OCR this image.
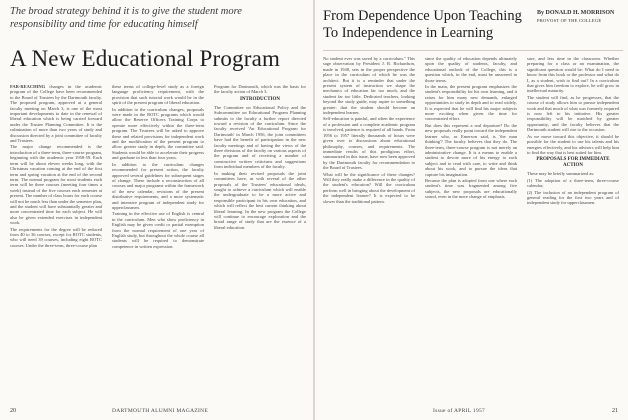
The broad strategy behind it is to give the student more responsibility and time for educating himself
A New Educational Program

FAR-REACHING changes in the academic program of the College have been recommended to the Board of Trustees by the Dartmouth faculty. The proposed program, approved at a general faculty meeting on March 3, is one of the most important developments to date in the renewal of liberal education which is being carried forward under the Trustee Planning Committee. It is the culmination of more than two years of study and discussion directed by a joint committee of faculty and Trustees.

The major change recommended is the introduction of a three-term, three-course program, beginning with the academic year 1958-59. Each term will be about eleven weeks long, with the Christmas vacation coming at the end of the first term and spring vacation at the end of the second term. The normal program for most students each term will be three courses (meeting four times a week) instead of the five courses each semester at present. The number of class hours for each course will not be much less than under the semester plan, and the student will have substantially greater and more concentrated time for each subject. He will also be given extended exercises in independent work.

The requirements for the degree will be reduced from 40 to 36 courses, except for ROTC students, who will need 39 courses, including eight ROTC courses. Under the three-term, three-course plan

these terms of college-level study as a foreign language proficiency requirement, with the provision that such tutorial work would be in the spirit of the present program of liberal education.

In addition to the curriculum changes, proposals were made in the ROTC programs which would allow the Reserve Officers Training Corps to operate more effectively within the three-term program. The Trustees will be asked to approve these and related provisions for independent work and the modification of the present program to allow greater study in depth, the committee said. Students would be able to accelerate their progress and graduate in less than four years.

In addition to the curriculum changes recommended for present action, the faculty approved several guidelines for subsequent stages of change. These include a reconstruction of all courses and major programs within the framework of the new calendar, revisions of the present distributive requirements, and a more systematic and intensive program of independent study for upperclassmen.

Training in the effective use of English is central in the curriculum. Men who show proficiency in English may be given credit or partial exemption from the normal requirement of one year of English study, but throughout the whole course all students will be required to demonstrate competence in written expression.

Program for Dartmouth, which was the basis for the faculty action of March 3.

INTRODUCTION

The Committee on Educational Policy and the Subcommittee on Educational Program Planning submits to the faculty a further report directed toward a revision of the curriculum. Since the faculty received 'An Educational Program for Dartmouth' in March 1956, the joint committees have had the benefit of participation in the new faculty meetings and of having the views of the three divisions of the faculty on various aspects of the program and of receiving a number of constructive written criticisms and suggestions from individual members of the faculty.

In making their revised proposals the joint committees have, as with several of the other proposals of the Trustees' educational ideals, sought to achieve a curriculum which will enable the undergraduate to be a more active and responsible participant in his own education, and which will reflect the best current thinking about liberal learning. In the new program the College will continue to encourage exploration and the broad range of study that are the essence of a liberal education.

DARTMOUTH ALUMNI MAGAZINE
20
From Dependence Upon Teaching To Independence in Learning
By DONALD H. MORRISON
PROVOST OF THE COLLEGE

No student ever was saved by a curriculum." This sage observation by President J. R. Richardson, made in 1948, sets in the proper perspective the place in the curriculum of which he was the architect. But it is a reminder that under the present system of instruction we shape the mechanics of education far too much, and the student far too little. Dedicated teachers, looking beyond the study guide, may aspire to something greater: that the student should become an independent learner.

Self-education is painful, and when the experience of a profession and a complete academic program is involved, patience is required of all hands. From 1956 to 1957 literally thousands of hours were given over to discussions about educational philosophy, courses, and requirements. The immediate results of this prodigious effort, summarized in this issue, have now been approved by the Dartmouth faculty for recommendation to the Board of Trustees.

What will be the significance of these changes? Will they really make a difference in the quality of the student's education? Will the curriculum perform well in bringing about the development of the independent learner? It is expected to be slower than the traditional pattern.

since the quality of education depends ultimately upon the quality of students, faculty, and educational outlook of the College, this is a question which, in the end, must be answered in those terms.

In the main, the present program emphasizes the student's responsibility for his own learning, and it raises for him many new demands, enlarged opportunities to study in depth and to read widely. It is expected that he will find his major subjects more exciting when given the time for concentrated effort.

But does this represent a real departure? Do the new proposals really point toward the independent learner who, as Emerson said, is 'the man thinking'? The faculty believes that they do. The three-term, three-course program is not merely an administrative change. It is a means to enable a student to devote more of his energy to each subject and to read with care, to write and think about his work, and to pursue the ideas that capture his imagination.

Because the plan is adopted from one where each student's time was fragmented among five subjects, the new proposals are educationally sound, even in the mere change of emphasis.

sure, and less time in the classroom. Whether preparing for a class or an examination, the significant question would be: What do I need to know from this book or the professor and what do I, as a student, wish to find out? In a curriculum that gives him freedom to explore, he will grow in intellectual maturity.

The student will find, as he progresses, that the course of study allows him to pursue independent work and that much of what was formerly required is now left to his initiative. His greater responsibility will be matched by greater opportunity, and the faculty believes that the Dartmouth student will rise to the occasion.

As we move toward this objective, it should be possible for the student to use his talents and his energies effectively, and his advisers will help him to find the way that is best suited for him.

PROPOSALS FOR IMMEDIATE ACTION

These may be briefly summarized as:

(1) The adoption of a three-term, three-course calendar;

(2) The inclusion of an independent program of general reading for the first two years and of independent study for upperclassmen.

Issue of APRIL 1957	21
